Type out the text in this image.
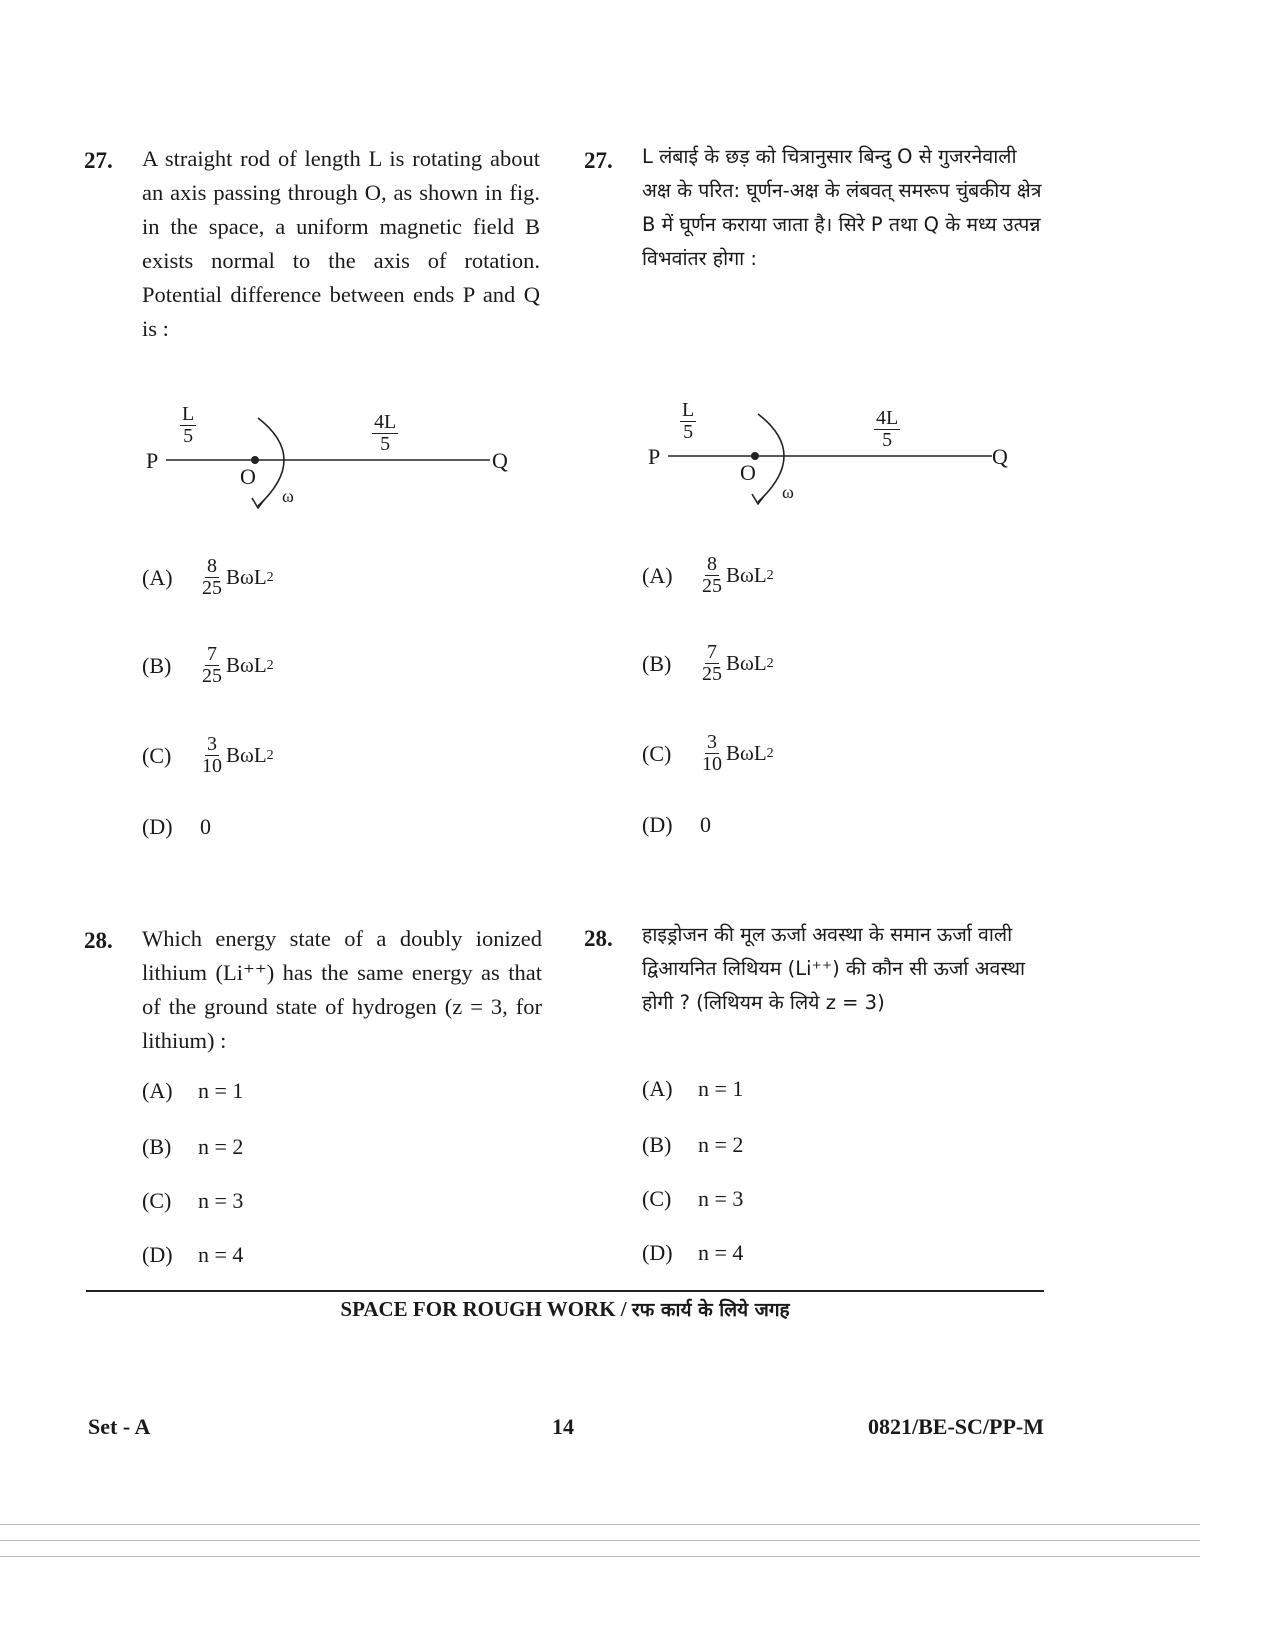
27. A straight rod of length L is rotating about an axis passing through O, as shown in fig. in the space, a uniform magnetic field B exists normal to the axis of rotation. Potential difference between ends P and Q is :
27. L लंबाई के छड़ को चित्रानुसार बिन्दु O से गुजरनेवाली अक्ष के परित: घूर्णन-अक्ष के लंबवत् समरूप चुंबकीय क्षेत्र B में घूर्णन कराया जाता है। सिरे P तथा Q के मध्य उत्पन्न विभवांतर होगा :
P	Q
O
ω
$\frac{L}{5}$	$\frac{4L}{5}$
P	Q
O
ω
$\frac{L}{5}$	$\frac{4L}{5}$
(A)	$\frac{8}{25}$ BωL 2
(B)	$\frac{7}{25}$ BωL 2
(C)	$\frac{3}{10}$ BωL 2
(D)	0
(A)	$\frac{8}{25}$ BωL 2
(B)	$\frac{7}{25}$ BωL 2
(C)	$\frac{3}{10}$ BωL 2
(D)	0
28. Which energy state of a doubly ionized lithium (Li⁺⁺) has the same energy as that of the ground state of hydrogen (z = 3, for lithium) :
28. हाइड्रोजन की मूल ऊर्जा अवस्था के समान ऊर्जा वाली द्विआयनित लिथियम (Li⁺⁺) की कौन सी ऊर्जा अवस्था होगी ? (लिथियम के लिये z = 3)
(A)	n = 1
(B)	n = 2
(C)	n = 3
(D)	n = 4
(A)	n = 1
(B)	n = 2
(C)	n = 3
(D)	n = 4
SPACE FOR ROUGH WORK / रफ कार्य के लिये जगह
Set - A	14	0821/BE-SC/PP-M
